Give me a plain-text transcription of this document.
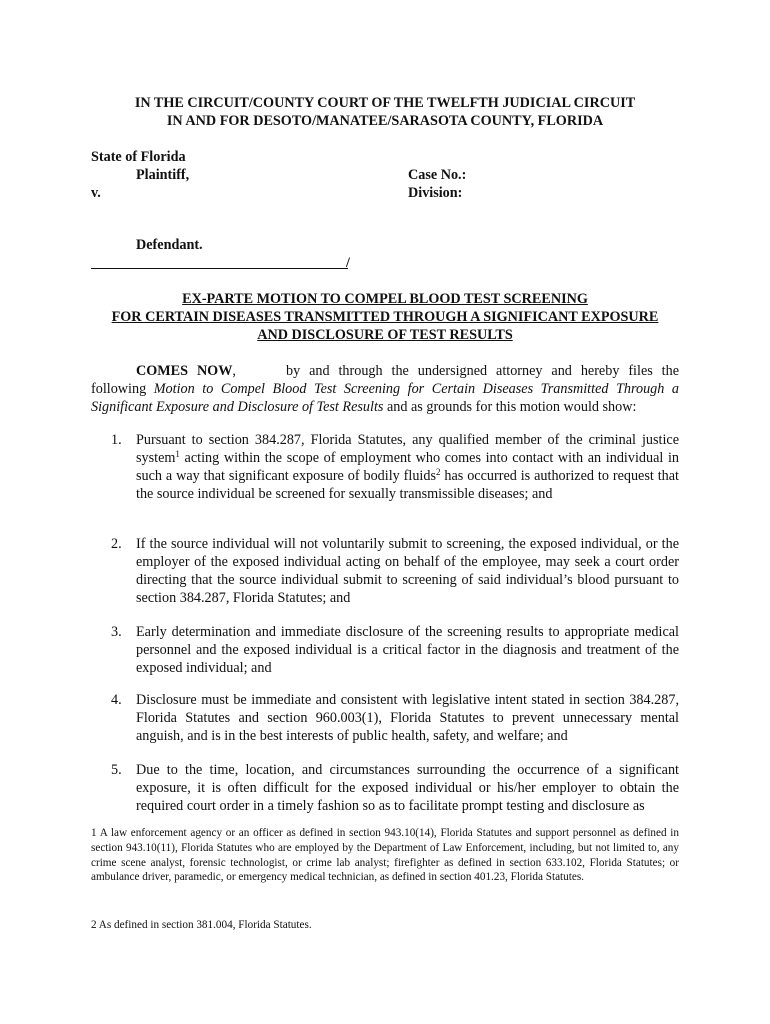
IN THE CIRCUIT/COUNTY COURT OF THE TWELFTH JUDICIAL CIRCUIT
IN AND FOR DESOTO/MANATEE/SARASOTA COUNTY, FLORIDA
State of Florida
Plaintiff,
v.
Case No.:
Division:
Defendant.
/
EX-PARTE MOTION TO COMPEL BLOOD TEST SCREENING
FOR CERTAIN DISEASES TRANSMITTED THROUGH A SIGNIFICANT EXPOSURE
AND DISCLOSURE OF TEST RESULTS
COMES NOW,	by and through the undersigned attorney and hereby files the following Motion to Compel Blood Test Screening for Certain Diseases Transmitted Through a Significant Exposure and Disclosure of Test Results and as grounds for this motion would show:
1.	Pursuant to section 384.287, Florida Statutes, any qualified member of the criminal justice system$^1$ acting within the scope of employment who comes into contact with an individual in such a way that significant exposure of bodily fluids$^2$ has occurred is authorized to request that the source individual be screened for sexually transmissible diseases; and
2.	If the source individual will not voluntarily submit to screening, the exposed individual, or the employer of the exposed individual acting on behalf of the employee, may seek a court order directing that the source individual submit to screening of said individual’s blood pursuant to section 384.287, Florida Statutes; and
3.	Early determination and immediate disclosure of the screening results to appropriate medical personnel and the exposed individual is a critical factor in the diagnosis and treatment of the exposed individual; and
4.	Disclosure must be immediate and consistent with legislative intent stated in section 384.287, Florida Statutes and section 960.003(1), Florida Statutes to prevent unnecessary mental anguish, and is in the best interests of public health, safety, and welfare; and
5.	Due to the time, location, and circumstances surrounding the occurrence of a significant exposure, it is often difficult for the exposed individual or his/her employer to obtain the required court order in a timely fashion so as to facilitate prompt testing and disclosure as
1 A law enforcement agency or an officer as defined in section 943.10(14), Florida Statutes and support personnel as defined in section 943.10(11), Florida Statutes who are employed by the Department of Law Enforcement, including, but not limited to, any crime scene analyst, forensic technologist, or crime lab analyst; firefighter as defined in section 633.102, Florida Statutes; or ambulance driver, paramedic, or emergency medical technician, as defined in section 401.23, Florida Statutes.
2 As defined in section 381.004, Florida Statutes.
